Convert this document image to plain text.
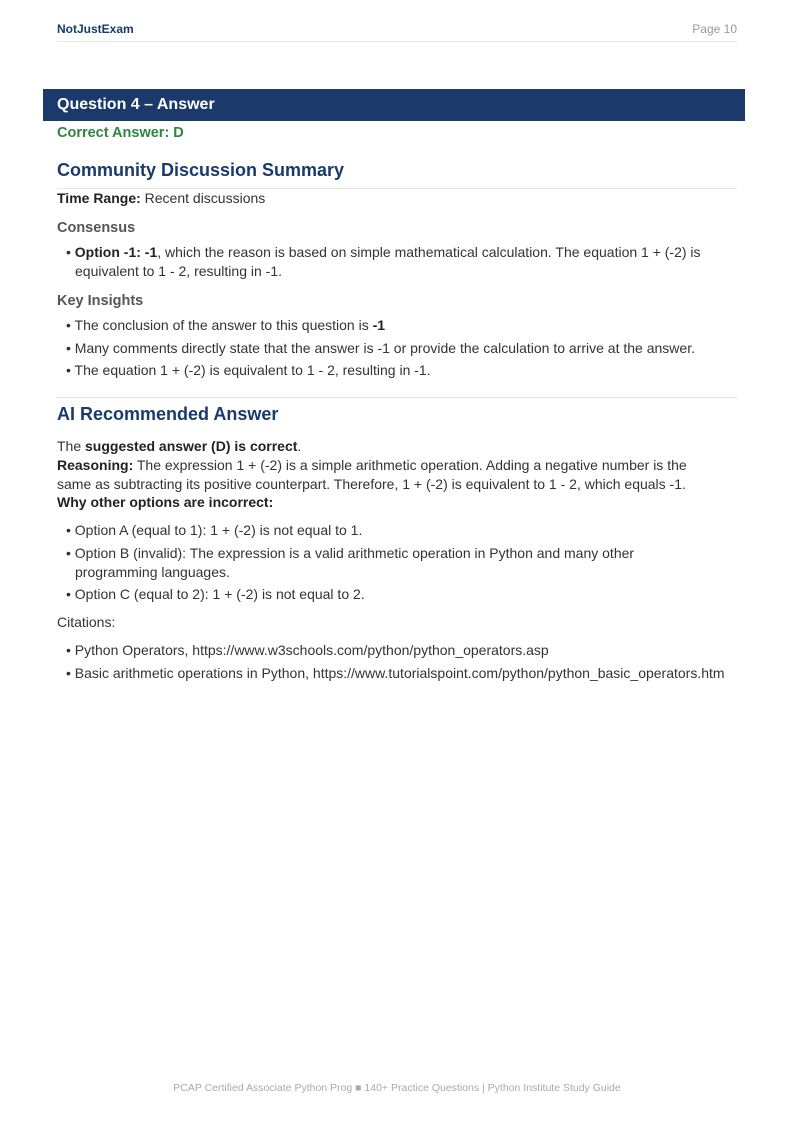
NotJustExam	Page 10
Question 4 – Answer
Correct Answer: D
Community Discussion Summary
Time Range: Recent discussions
Consensus
• Option -1: -1, which the reason is based on simple mathematical calculation. The equation 1 + (-2) is equivalent to 1 - 2, resulting in -1.
Key Insights
• The conclusion of the answer to this question is -1
• Many comments directly state that the answer is -1 or provide the calculation to arrive at the answer.
• The equation 1 + (-2) is equivalent to 1 - 2, resulting in -1.
AI Recommended Answer
The suggested answer (D) is correct.
Reasoning: The expression 1 + (-2) is a simple arithmetic operation. Adding a negative number is the same as subtracting its positive counterpart. Therefore, 1 + (-2) is equivalent to 1 - 2, which equals -1.
Why other options are incorrect:
• Option A (equal to 1): 1 + (-2) is not equal to 1.
• Option B (invalid): The expression is a valid arithmetic operation in Python and many other programming languages.
• Option C (equal to 2): 1 + (-2) is not equal to 2.
Citations:
• Python Operators, https://www.w3schools.com/python/python_operators.asp
• Basic arithmetic operations in Python, https://www.tutorialspoint.com/python/python_basic_operators.htm
PCAP Certified Associate Python Prog ■ 140+ Practice Questions | Python Institute Study Guide
